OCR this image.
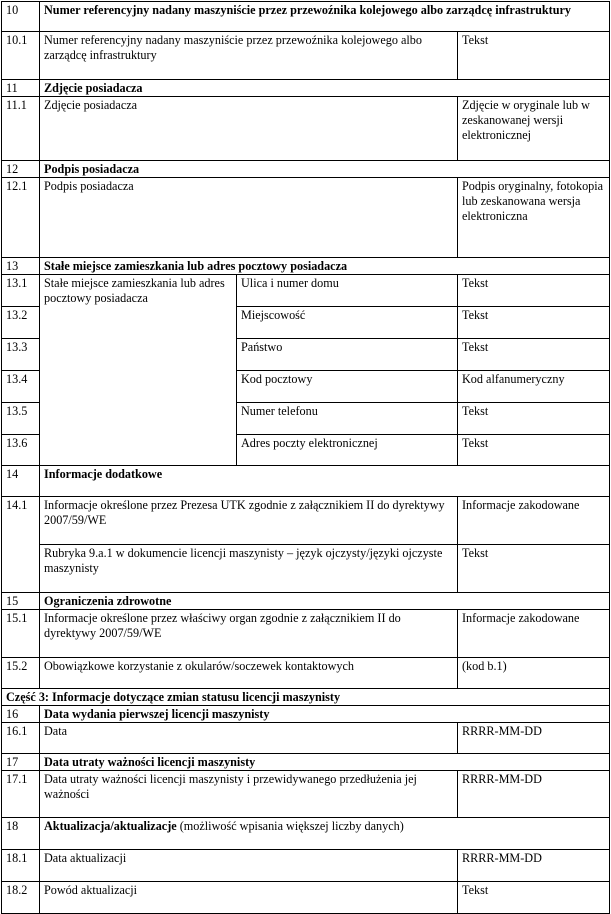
10	Numer referencyjny nadany maszyniście przez przewoźnika kolejowego albo zarządcę infrastruktury		
10.1	Numer referencyjny nadany maszyniście przez przewoźnika kolejowego albo zarządcę infrastruktury		Tekst
11	Zdjęcie posiadacza		
11.1	Zdjęcie posiadacza		Zdjęcie w oryginale lub w zeskanowanej wersji elektronicznej
12	Podpis posiadacza		
12.1	Podpis posiadacza		Podpis oryginalny, fotokopia lub zeskanowana wersja elektroniczna
13	Stałe miejsce zamieszkania lub adres pocztowy posiadacza		
13.1	Stałe miejsce zamieszkania lub adres pocztowy posiadacza	Ulica i numer domu	Tekst
13.2		Miejscowość	Tekst
13.3		Państwo	Tekst
13.4		Kod pocztowy	Kod alfanumeryczny
13.5		Numer telefonu	Tekst
13.6		Adres poczty elektronicznej	Tekst
14	Informacje dodatkowe		
14.1	Informacje określone przez Prezesa UTK zgodnie z załącznikiem II do dyrektywy 2007/59/WE		Informacje zakodowane
	Rubryka 9.a.1 w dokumencie licencji maszynisty – język ojczysty/języki ojczyste maszynisty		Tekst
15	Ograniczenia zdrowotne		
15.1	Informacje określone przez właściwy organ zgodnie z załącznikiem II do dyrektywy 2007/59/WE		Informacje zakodowane
15.2	Obowiązkowe korzystanie z okularów/soczewek kontaktowych		(kod b.1)
Część 3: Informacje dotyczące zmian statusu licencji maszynisty			
16	Data wydania pierwszej licencji maszynisty		
16.1	Data		RRRR-MM-DD
17	Data utraty ważności licencji maszynisty		
17.1	Data utraty ważności licencji maszynisty i przewidywanego przedłużenia jej ważności		RRRR-MM-DD
18	Aktualizacja/aktualizacje (możliwość wpisania większej liczby danych)		
18.1	Data aktualizacji		RRRR-MM-DD
18.2	Powód aktualizacji		Tekst
